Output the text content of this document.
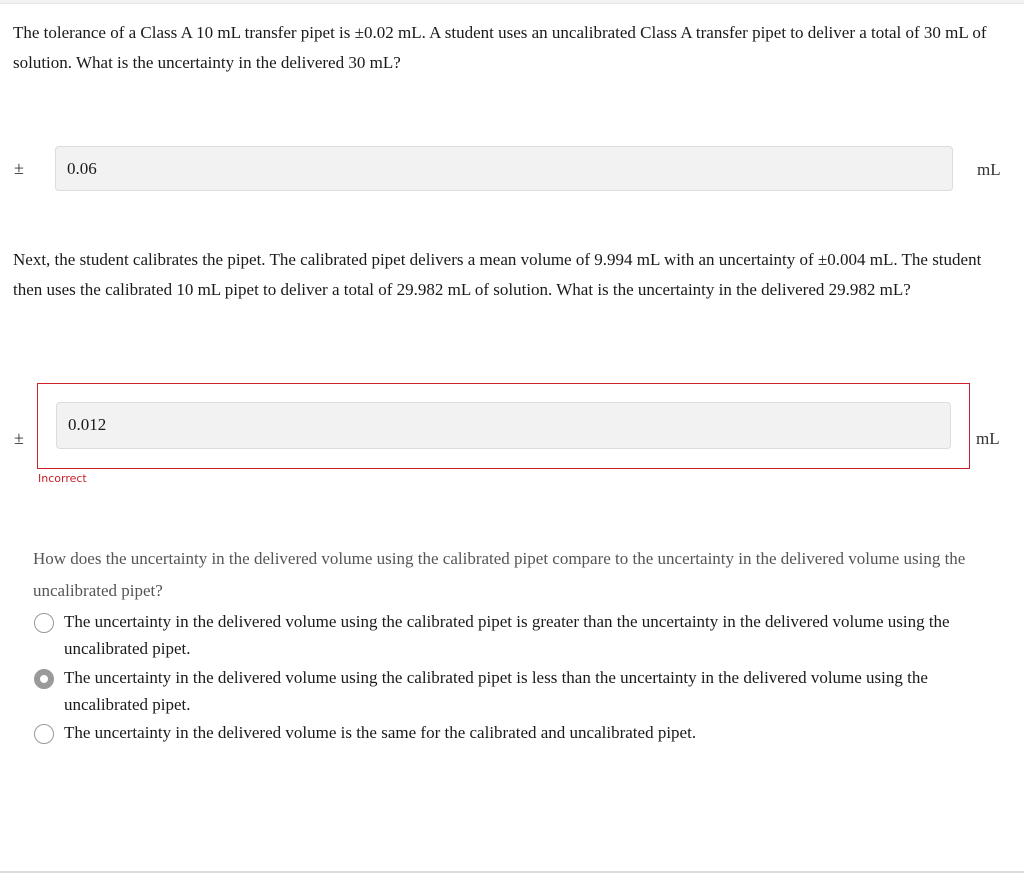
The tolerance of a Class A 10 mL transfer pipet is ±0.02 mL. A student uses an uncalibrated Class A transfer pipet to deliver a total of 30 mL of solution. What is the uncertainty in the delivered 30 mL?

±	0.06	mL

Next, the student calibrates the pipet. The calibrated pipet delivers a mean volume of 9.994 mL with an uncertainty of ±0.004 mL. The student then uses the calibrated 10 mL pipet to deliver a total of 29.982 mL of solution. What is the uncertainty in the delivered 29.982 mL?

±
0.012
mL
Incorrect

How does the uncertainty in the delivered volume using the calibrated pipet compare to the uncertainty in the delivered volume using the uncalibrated pipet?

The uncertainty in the delivered volume using the calibrated pipet is greater than the uncertainty in the delivered volume using the uncalibrated pipet.
The uncertainty in the delivered volume using the calibrated pipet is less than the uncertainty in the delivered volume using the uncalibrated pipet.
The uncertainty in the delivered volume is the same for the calibrated and uncalibrated pipet.
